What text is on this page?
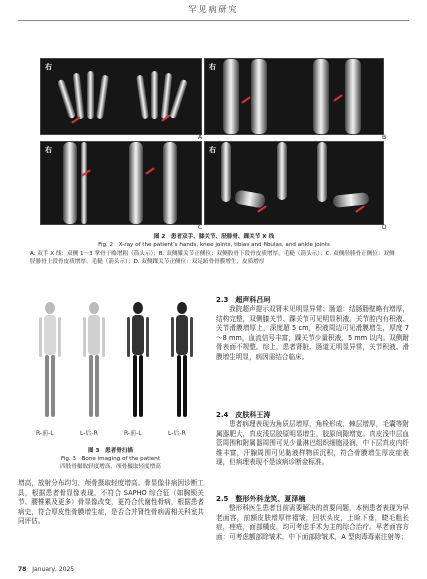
罕见病研究
右
A
右
B
右
C
右
D
图 2　患者双手、膝关节、胫腓骨、踝关节 X 线
Fig. 2　X-ray of the patient's hands, knee joints, tibias and fibulas, and ankle joints
A. 双手 X 线：双侧 1～3 掌骨干略增粗（箭头示）；B. 双侧膝关节正侧位：双侧股骨下段骨皮质增厚，毛糙（箭头示）；C. 双侧胫腓骨正侧位：双侧胫腓骨上段骨皮质增厚、毛糙（箭头示）；D. 双侧踝关节正侧位：双足跖骨骨膜增生，皮质增厚
R-前-L	L-后-R	R-前-L	L-后-R
图 3　患者骨扫描
Fig. 3　Bone imaging of the patient
四肢骨摄取轻度增高，颅骨摄取轻度增高
增高，放射分布均匀，颅骨摄取轻度增高。骨显像非病因诊断工具，根据患者骨显像表现，不符合 SAPHO 综合征（如胸锁关节、腰椎累及更多）骨显像改变，更符合代谢性骨病，根据患者病史，符合厚皮性骨膜增生症，是否合并肾性骨病需相关科室共同评估。
2.3　超声科吕珂
我院超声提示双肾未见明显异常；肠道：结肠肠壁略有增厚，结构完整，双侧膝关节、踝关节可见明显积液，关节腔内有积液、关节滑膜增厚上，深度超 5 cm，积液周边可见滑膜增生，厚度 7～8 mm，血流信号丰富，踝关节少量积液，5 mm 以内。双侧跗骨表面不规整。综上，患者肾脏、肠道无明显异常，关节积液、滑膜增生明显，病因需结合临床。
2.4　皮肤科王涛
患者病理表现为角质层增厚，角栓形成，棘层增厚，毛囊等附属器肥大，真皮浅层胶原明显增生，胶原间隙增宽。真皮浅中层血管周围和附属器周围可见少量淋巴组织细胞浸润，中下层真皮内纤维丰富，汗腺周围可见黏液样物质沉积，符合骨膜增生厚皮症表现，但病理表现不是该病诊断金标准。
2.5　整形外科龙笑、夏泽楠
整形科医生患者目前需要解决的首要问题，本例患者表现为早老面容，前额皮肤增厚伴褶皱，回状头皮，上睑下垂，睫毛粗长症，痤疮，面部橘皮，均可考虑手术为主的综合治疗。早老面容方面：可考虑额部除皱术，中下面部除皱术，A 型肉毒毒素注射等；
78 January, 2025
